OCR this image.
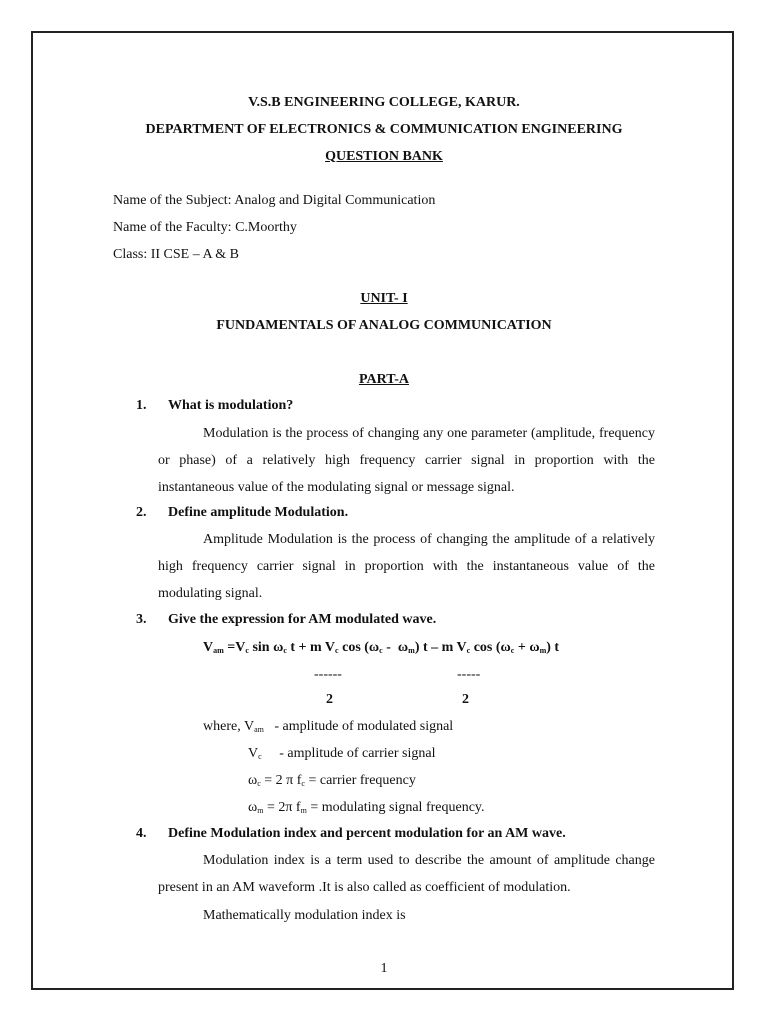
V.S.B ENGINEERING COLLEGE, KARUR.
DEPARTMENT OF ELECTRONICS & COMMUNICATION ENGINEERING
QUESTION BANK
Name of the Subject: Analog and Digital Communication
Name of the Faculty: C.Moorthy
Class: II CSE – A & B
UNIT- I
FUNDAMENTALS OF ANALOG COMMUNICATION
PART-A
1. What is modulation?
Modulation is the process of changing any one parameter (amplitude, frequency or phase) of a relatively high frequency carrier signal in proportion with the instantaneous value of the modulating signal or message signal.
2. Define amplitude Modulation.
Amplitude Modulation is the process of changing the amplitude of a relatively high frequency carrier signal in proportion with the instantaneous value of the modulating signal.
3. Give the expression for AM modulated wave.
$V_{am} =V_c$ $\sin \omega_c$ t + m $V_c$ $\cos (\omega_c - \omega_m)$ t – m $V_c$ $\cos (\omega_c + \omega_m)$ t
------	-----
2	2
where, $V_{am}$ - amplitude of modulated signal
$V_c$ - amplitude of carrier signal
$\omega_c = 2$ π $f_c$ = carrier frequency
$\omega_m = 2\pi$ $f_m$ = modulating signal frequency.
4. Define Modulation index and percent modulation for an AM wave.
Modulation index is a term used to describe the amount of amplitude change present in an AM waveform .It is also called as coefficient of modulation.
Mathematically modulation index is
1
